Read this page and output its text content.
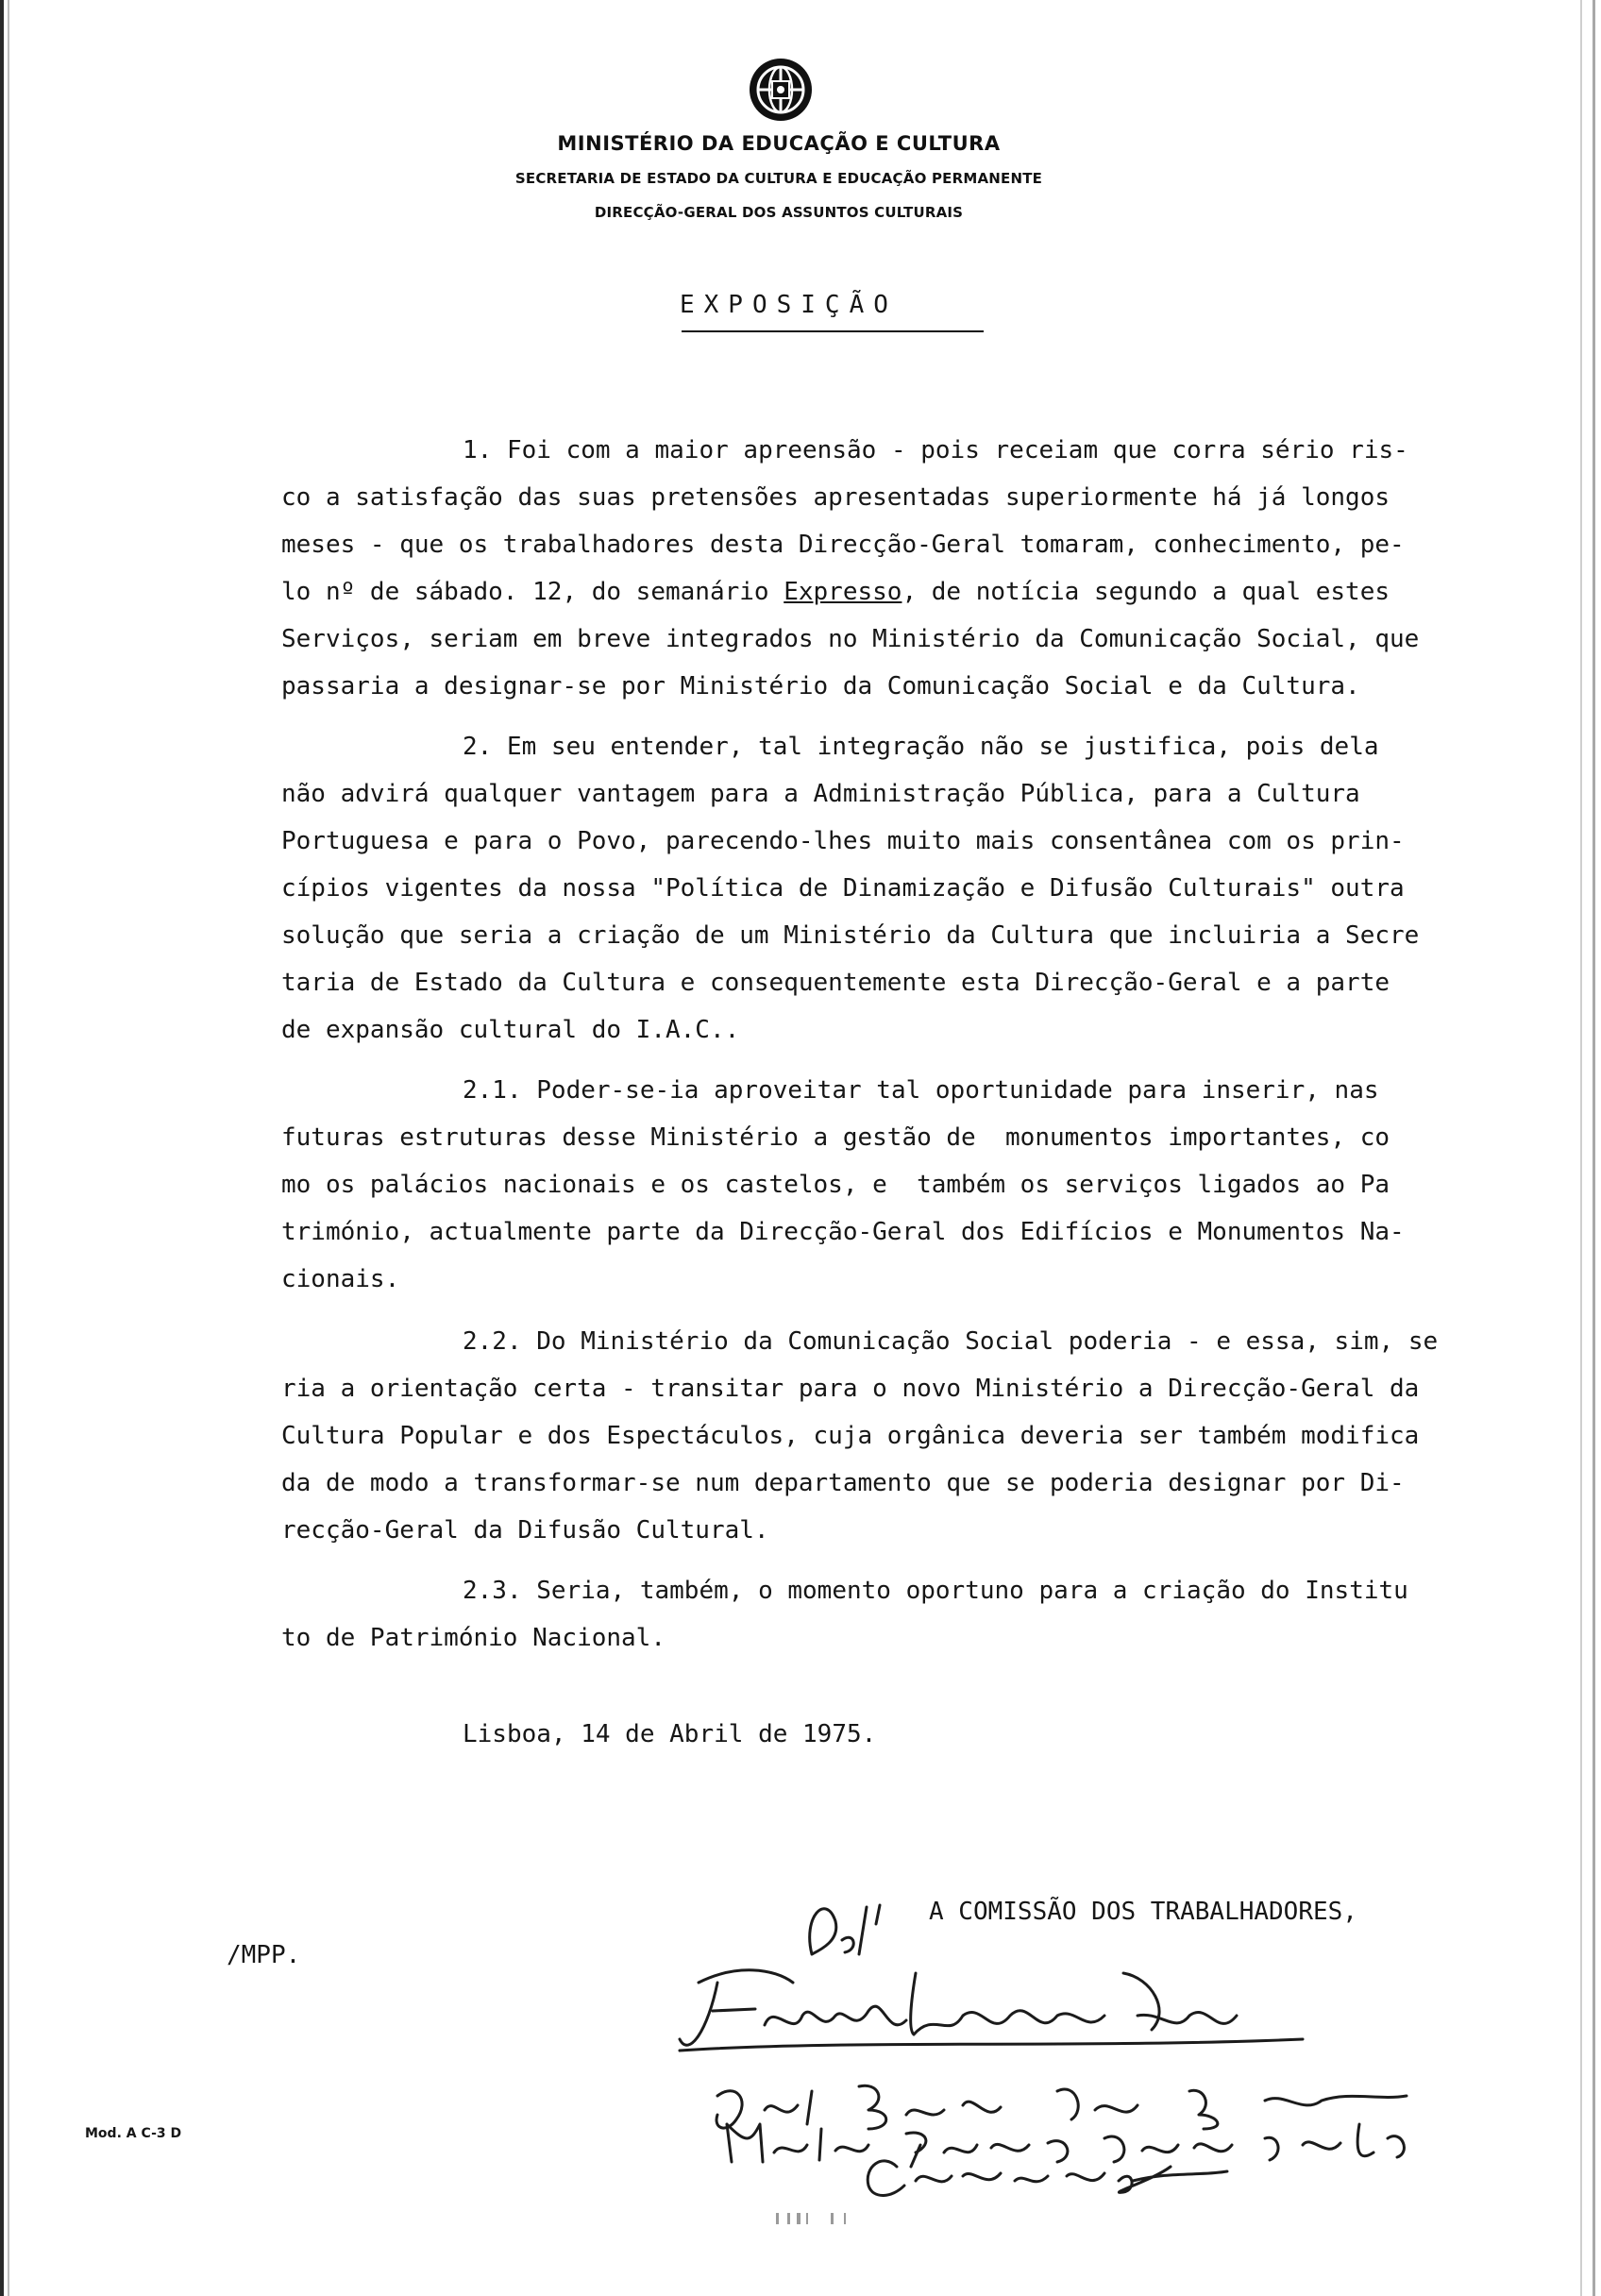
MINISTÉRIO DA EDUCAÇÃO E CULTURA
SECRETARIA DE ESTADO DA CULTURA E EDUCAÇÃO PERMANENTE
DIRECÇÃO-GERAL DOS ASSUNTOS CULTURAIS
EXPOSIÇÃO
1. Foi com a maior apreensão - pois receiam que corra sério ris-
co a satisfação das suas pretensões apresentadas superiormente há já longos
meses - que os trabalhadores desta Direcção-Geral tomaram, conhecimento, pe-
lo nº de sábado. 12, do semanário Expresso, de notícia segundo a qual estes
Serviços, seriam em breve integrados no Ministério da Comunicação Social, que
passaria a designar-se por Ministério da Comunicação Social e da Cultura.
2. Em seu entender, tal integração não se justifica, pois dela
não advirá qualquer vantagem para a Administração Pública, para a Cultura
Portuguesa e para o Povo, parecendo-lhes muito mais consentânea com os prin-
cípios vigentes da nossa "Política de Dinamização e Difusão Culturais" outra
solução que seria a criação de um Ministério da Cultura que incluiria a Secre
taria de Estado da Cultura e consequentemente esta Direcção-Geral e a parte
de expansão cultural do I.A.C..
2.1. Poder-se-ia aproveitar tal oportunidade para inserir, nas
futuras estruturas desse Ministério a gestão de  monumentos importantes, co
mo os palácios nacionais e os castelos, e  também os serviços ligados ao Pa
trimónio, actualmente parte da Direcção-Geral dos Edifícios e Monumentos Na-
cionais.
2.2. Do Ministério da Comunicação Social poderia - e essa, sim, se
ria a orientação certa - transitar para o novo Ministério a Direcção-Geral da
Cultura Popular e dos Espectáculos, cuja orgânica deveria ser também modifica
da de modo a transformar-se num departamento que se poderia designar por Di-
recção-Geral da Difusão Cultural.
2.3. Seria, também, o momento oportuno para a criação do Institu
to de Património Nacional.
Lisboa, 14 de Abril de 1975.
A COMISSÃO DOS TRABALHADORES,
/MPP.
Mod. A C-3 D
